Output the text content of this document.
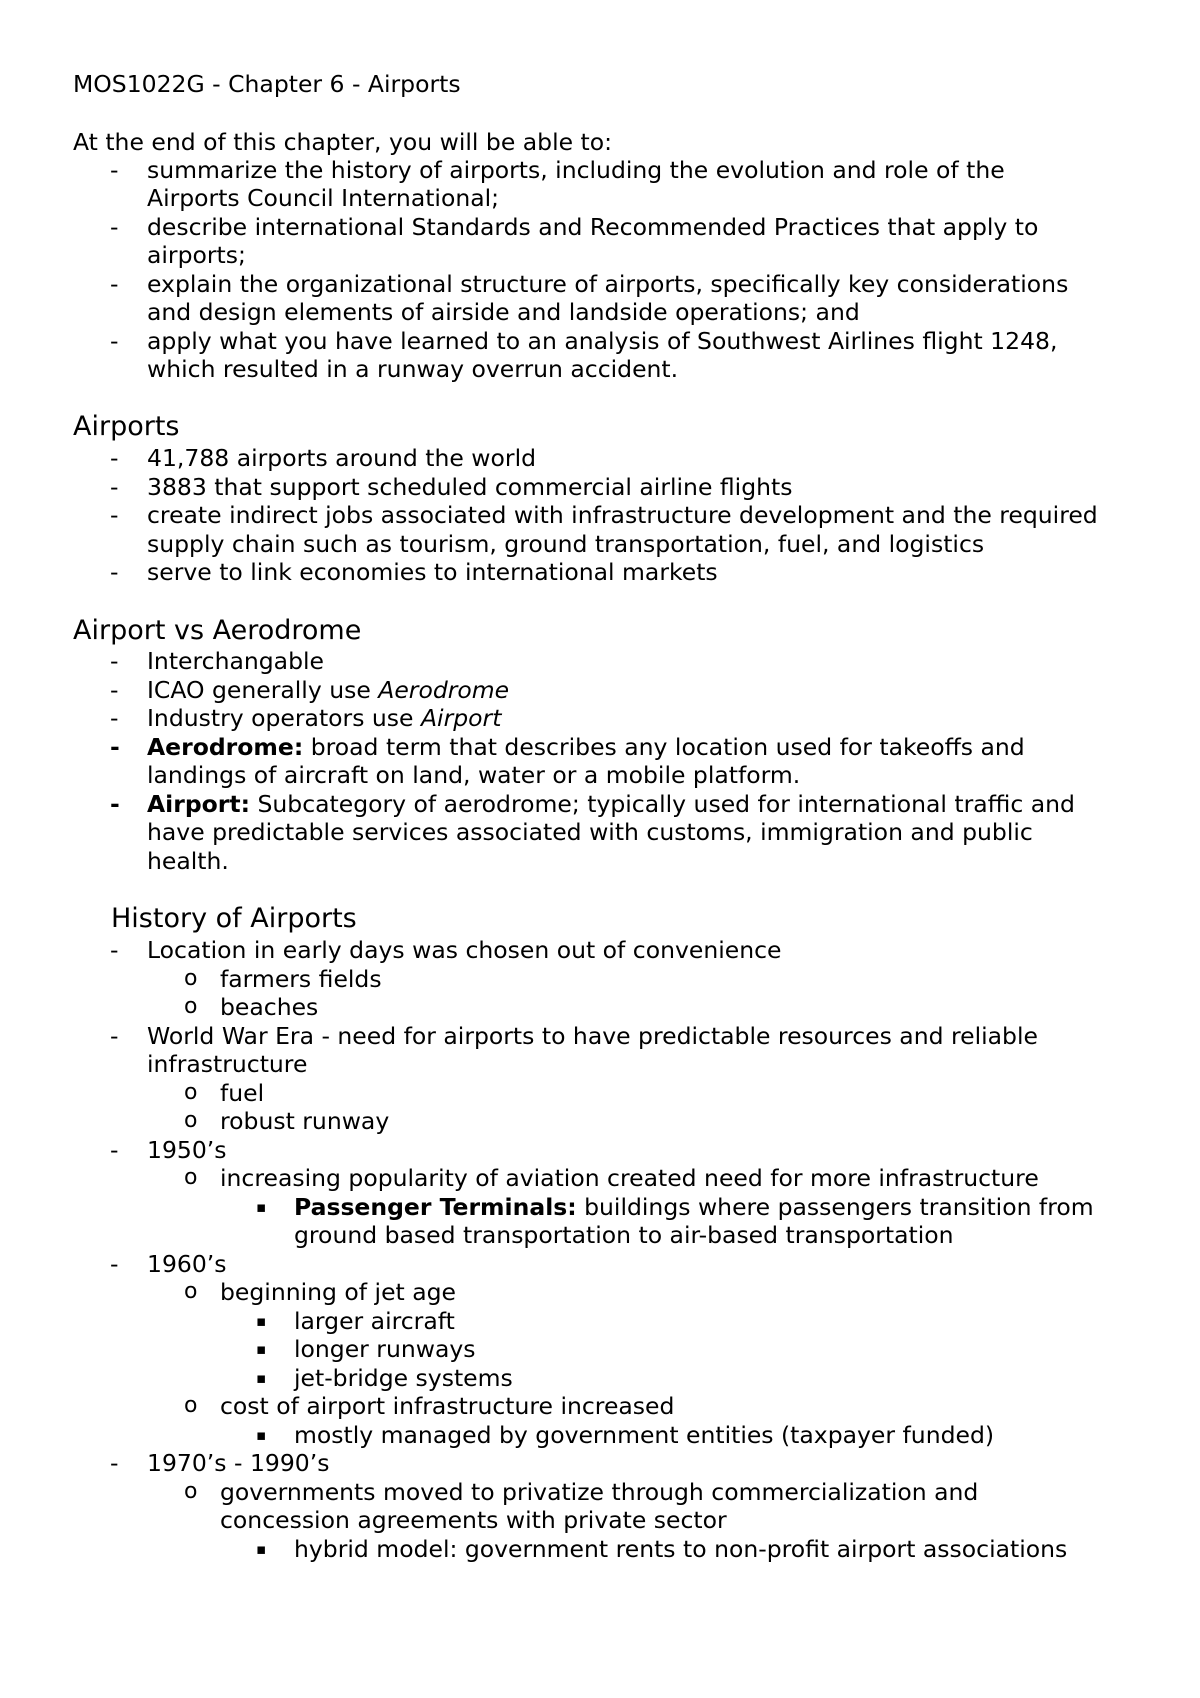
MOS1022G - Chapter 6 - Airports
At the end of this chapter, you will be able to:
-	summarize the history of airports, including the evolution and role of the
Airports Council International;
-	describe international Standards and Recommended Practices that apply to
airports;
-	explain the organizational structure of airports, specifically key considerations
and design elements of airside and landside operations; and
-	apply what you have learned to an analysis of Southwest Airlines flight 1248,
which resulted in a runway overrun accident.
Airports
-	41,788 airports around the world
-	3883 that support scheduled commercial airline flights
-	create indirect jobs associated with infrastructure development and the required
supply chain such as tourism, ground transportation, fuel, and logistics
-	serve to link economies to international markets
Airport vs Aerodrome
-	Interchangable
-	ICAO generally use Aerodrome
-	Industry operators use Airport
-	Aerodrome: broad term that describes any location used for takeoffs and
landings of aircraft on land, water or a mobile platform.
-	Airport: Subcategory of aerodrome; typically used for international traffic and
have predictable services associated with customs, immigration and public
health.
History of Airports
-	Location in early days was chosen out of convenience
o farmers fields
o beaches
-	World War Era - need for airports to have predictable resources and reliable
infrastructure
o fuel
o robust runway
-	1950’s
o increasing popularity of aviation created need for more infrastructure
▪	Passenger Terminals: buildings where passengers transition from
ground based transportation to air-based transportation
-	1960’s
o beginning of jet age
▪	larger aircraft
▪	longer runways
▪	jet-bridge systems
o cost of airport infrastructure increased
▪	mostly managed by government entities (taxpayer funded)
-	1970’s - 1990’s
o governments moved to privatize through commercialization and
concession agreements with private sector
▪	hybrid model: government rents to non-profit airport associations
